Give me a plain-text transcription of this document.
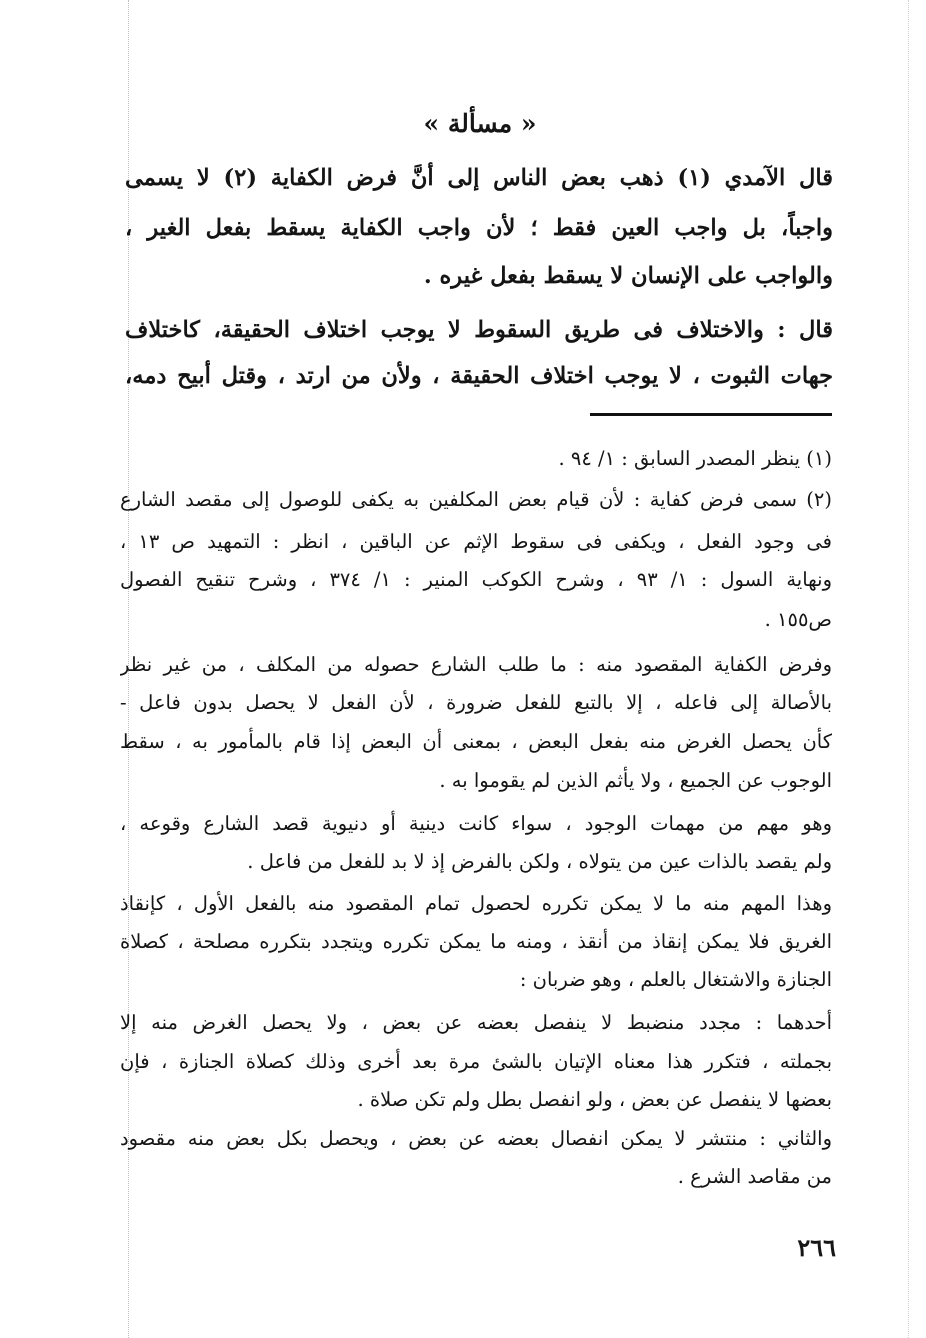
« مسألة »
قال الآمدي (١) ذهب بعض الناس إلى أنَّ فرض الكفاية (٢) لا يسمى
واجباً، بل واجب العين فقط ؛ لأن واجب الكفاية يسقط بفعل الغير ،
والواجب على الإنسان لا يسقط بفعل غيره .
قال : والاختلاف فى طريق السقوط لا يوجب اختلاف الحقيقة، كاختلاف
جهات الثبوت ، لا يوجب اختلاف الحقيقة ، ولأن من ارتد ، وقتل أبيح دمه،
(١) ينظر المصدر السابق : ١/ ٩٤ .
(٢) سمى فرض كفاية : لأن قيام بعض المكلفين به يكفى للوصول إلى مقصد الشارع
فى وجود الفعل ، ويكفى فى سقوط الإثم عن الباقين ، انظر : التمهيد ص ١٣ ،
ونهاية السول : ١/ ٩٣ ، وشرح الكوكب المنير : ١/ ٣٧٤ ، وشرح تنقيح الفصول
ص١٥٥ .
وفرض الكفاية المقصود منه : ما طلب الشارع حصوله من المكلف ، من غير نظر
بالأصالة إلى فاعله ، إلا بالتبع للفعل ضرورة ، لأن الفعل لا يحصل بدون فاعل -
كأن يحصل الغرض منه بفعل البعض ، بمعنى أن البعض إذا قام بالمأمور به ، سقط
الوجوب عن الجميع ، ولا يأثم الذين لم يقوموا به .
وهو مهم من مهمات الوجود ، سواء كانت دينية أو دنيوية قصد الشارع وقوعه ،
ولم يقصد بالذات عين من يتولاه ، ولكن بالفرض إذ لا بد للفعل من فاعل .
وهذا المهم منه ما لا يمكن تكرره لحصول تمام المقصود منه بالفعل الأول ، كإنقاذ
الغريق فلا يمكن إنقاذ من أنقذ ، ومنه ما يمكن تكرره ويتجدد بتكرره مصلحة ، كصلاة
الجنازة والاشتغال بالعلم ، وهو ضربان :
أحدهما : مجدد منضبط لا ينفصل بعضه عن بعض ، ولا يحصل الغرض منه إلا
بجملته ، فتكرر هذا معناه الإتيان بالشئ مرة بعد أخرى وذلك كصلاة الجنازة ، فإن
بعضها لا ينفصل عن بعض ، ولو انفصل بطل ولم تكن صلاة .
والثاني : منتشر لا يمكن انفصال بعضه عن بعض ، ويحصل بكل بعض منه مقصود
من مقاصد الشرع .
٢٦٦
